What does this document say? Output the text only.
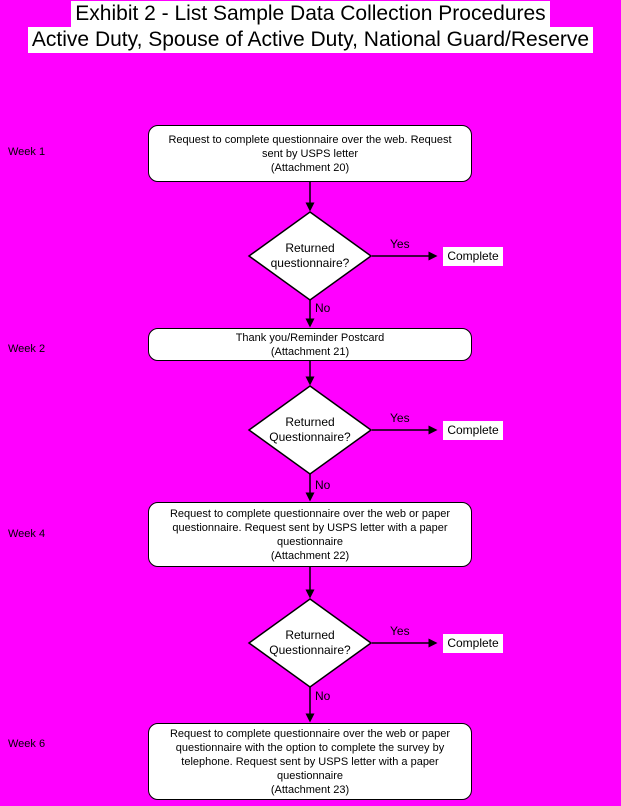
Exhibit 2 - List Sample Data Collection Procedures
Active Duty, Spouse of Active Duty, National Guard/Reserve
Week 1
Week 2
Week 4
Week 6
Request to complete questionnaire over the web. Request sent by USPS letter
(Attachment 20)
Thank you/Reminder Postcard
(Attachment 21)
Request to complete questionnaire over the web or paper questionnaire. Request sent by USPS letter with a paper questionnaire
(Attachment 22)
Request to complete questionnaire over the web or paper questionnaire with the option to complete the survey by telephone. Request sent by USPS letter with a paper questionnaire
(Attachment 23)
Returned questionnaire?
Returned Questionnaire?
Returned Questionnaire?
Yes
Yes
Yes
No
No
No
Complete
Complete
Complete
